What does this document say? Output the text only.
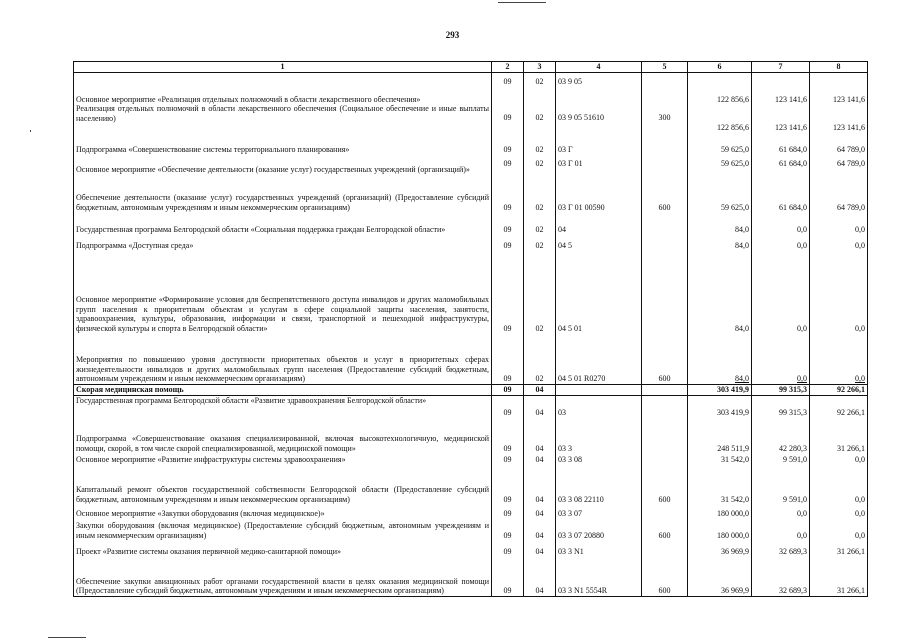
293
1	2	3	4	5	6	7	8
Основное мероприятие «Реализация отдельных полномочий в области лекарственного обеспечения»	09	02	03 9 05		122 856,6	123 141,6	123 141,6
Реализация отдельных полномочий в области лекарственного обеспечения (Социальное обеспечение и иные выплаты населению)	09	02	03 9 05 51610	300	122 856,6	123 141,6	123 141,6
Подпрограмма «Совершенствование системы территориального планирования»	09	02	03 Г		59 625,0	61 684,0	64 789,0
Основное мероприятие «Обеспечение деятельности (оказание услуг) государственных учреждений (организаций)»	09	02	03 Г 01		59 625,0	61 684,0	64 789,0
Обеспечение деятельности (оказание услуг) государственных учреждений (организаций) (Предоставление субсидий бюджетным, автономным учреждениям и иным некоммерческим организациям)	09	02	03 Г 01 00590	600	59 625,0	61 684,0	64 789,0
Государственная программа Белгородской области «Социальная поддержка граждан Белгородской области»	09	02	04		84,0	0,0	0,0
Подпрограмма «Доступная среда»	09	02	04 5		84,0	0,0	0,0
Основное мероприятие «Формирование условия для беспрепятственного доступа инвалидов и других маломобильных групп населения к приоритетным объектам и услугам в сфере социальной защиты населения, занятости, здравоохранения, культуры, образования, информации и связи, транспортной и пешеходной инфраструктуры, физической культуры и спорта в Белгородской области»	09	02	04 5 01		84,0	0,0	0,0
Мероприятия по повышению уровня доступности приоритетных объектов и услуг в приоритетных сферах жизнедеятельности инвалидов и других маломобильных групп населения (Предоставление субсидий бюджетным, автономным учреждениям и иным некоммерческим организациям)	09	02	04 5 01 R0270	600	84,0	0,0	0,0
Скорая медицинская помощь	09	04			303 419,9	99 315,3	92 266,1
Государственная программа Белгородской области «Развитие здравоохранения Белгородской области»	09	04	03		303 419,9	99 315,3	92 266,1
Подпрограмма «Совершенствование оказания специализированной, включая высокотехнологичную, медицинской помощи, скорой, в том числе скорой специализированной, медицинской помощи»	09	04	03 3		248 511,9	42 280,3	31 266,1
Основное мероприятие «Развитие инфраструктуры системы здравоохранения»	09	04	03 3 08		31 542,0	9 591,0	0,0
Капитальный ремонт объектов государственной собственности Белгородской области (Предоставление субсидий бюджетным, автономным учреждениям и иным некоммерческим организациям)	09	04	03 3 08 22110	600	31 542,0	9 591,0	0,0
Основное мероприятие «Закупки оборудования (включая медицинское)»	09	04	03 3 07		180 000,0	0,0	0,0
Закупки оборудования (включая медицинское) (Предоставление субсидий бюджетным, автономным учреждениям и иным некоммерческим организациям)	09	04	03 3 07 20880	600	180 000,0	0,0	0,0
Проект «Развитие системы оказания первичной медико-санитарной помощи»	09	04	03 3 N1		36 969,9	32 689,3	31 266,1
Обеспечение закупки авиационных работ органами государственной власти в целях оказания медицинской помощи (Предоставление субсидий бюджетным, автономным учреждениям и иным некоммерческим организациям)	09	04	03 3 N1 5554R	600	36 969,9	32 689,3	31 266,1
